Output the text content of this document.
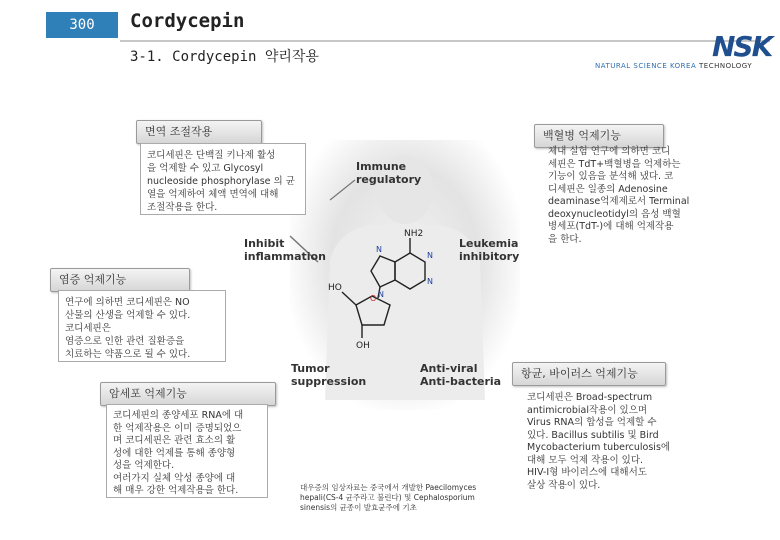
300	Cordycepin
3-1. Cordycepin 약리작용	NSK
NATURAL SCIENCE KOREA TECHNOLOGY
NH2
N
N
N
N
HO
O
OH
Immune
regulatory
Inhibit
inflammation
Leukemia
inhibitory
Tumor
suppression
Anti-viral
Anti-bacteria
면역 조절작용
코디세핀은 단백질 키나제 활성
을 억제할 수 있고 Glycosyl
nucleoside phosphorylase 의 균
열을 억제하여 체액 면역에 대해
조절작용을 한다.
백혈병 억제기능
체내 실험 연구에 의하면 코디
세핀은 TdT+백혈병을 억제하는
기능이 있음을 분석해 냈다. 코
디세핀은 일종의 Adenosine
deaminase억제제로서 Terminal
deoxynucleotidyl의 음성 백혈
병세포(TdT-)에 대해 억제작용
을 한다.
염증 억제기능
연구에 의하면 코디세핀은 NO
산물의 산생을 억제할 수 있다.
코디세핀은
염증으로 인한 관련 질환증을
치료하는 약품으로 될 수 있다.
암세포 억제기능
코디세핀의 종양세포 RNA에 대
한 억제작용은 이미 증명되었으
며 코디세핀은 관련 효소의 활
성에 대한 억제를 통해 종양형
성을 억제한다.
여러가지 실체 악성 종양에 대
해 매우 강한 억제작용을 한다.
항균, 바이러스 억제기능
코디세핀은 Broad-spectrum
antimicrobial작용이 있으며
Virus RNA의 합성을 억제할 수
있다. Bacillus subtilis 및 Bird
Mycobacterium tuberculosis에
대해 모두 억제 작용이 있다.
HIV-I형 바이러스에 대해서도
살상 작용이 있다.
대우증의 임상자료는 중국에서 개발한 Paecilomyces
hepali(CS-4 균주라고 불린다) 및 Cephalosporium
sinensis의 균종이 발효균주에 기초
